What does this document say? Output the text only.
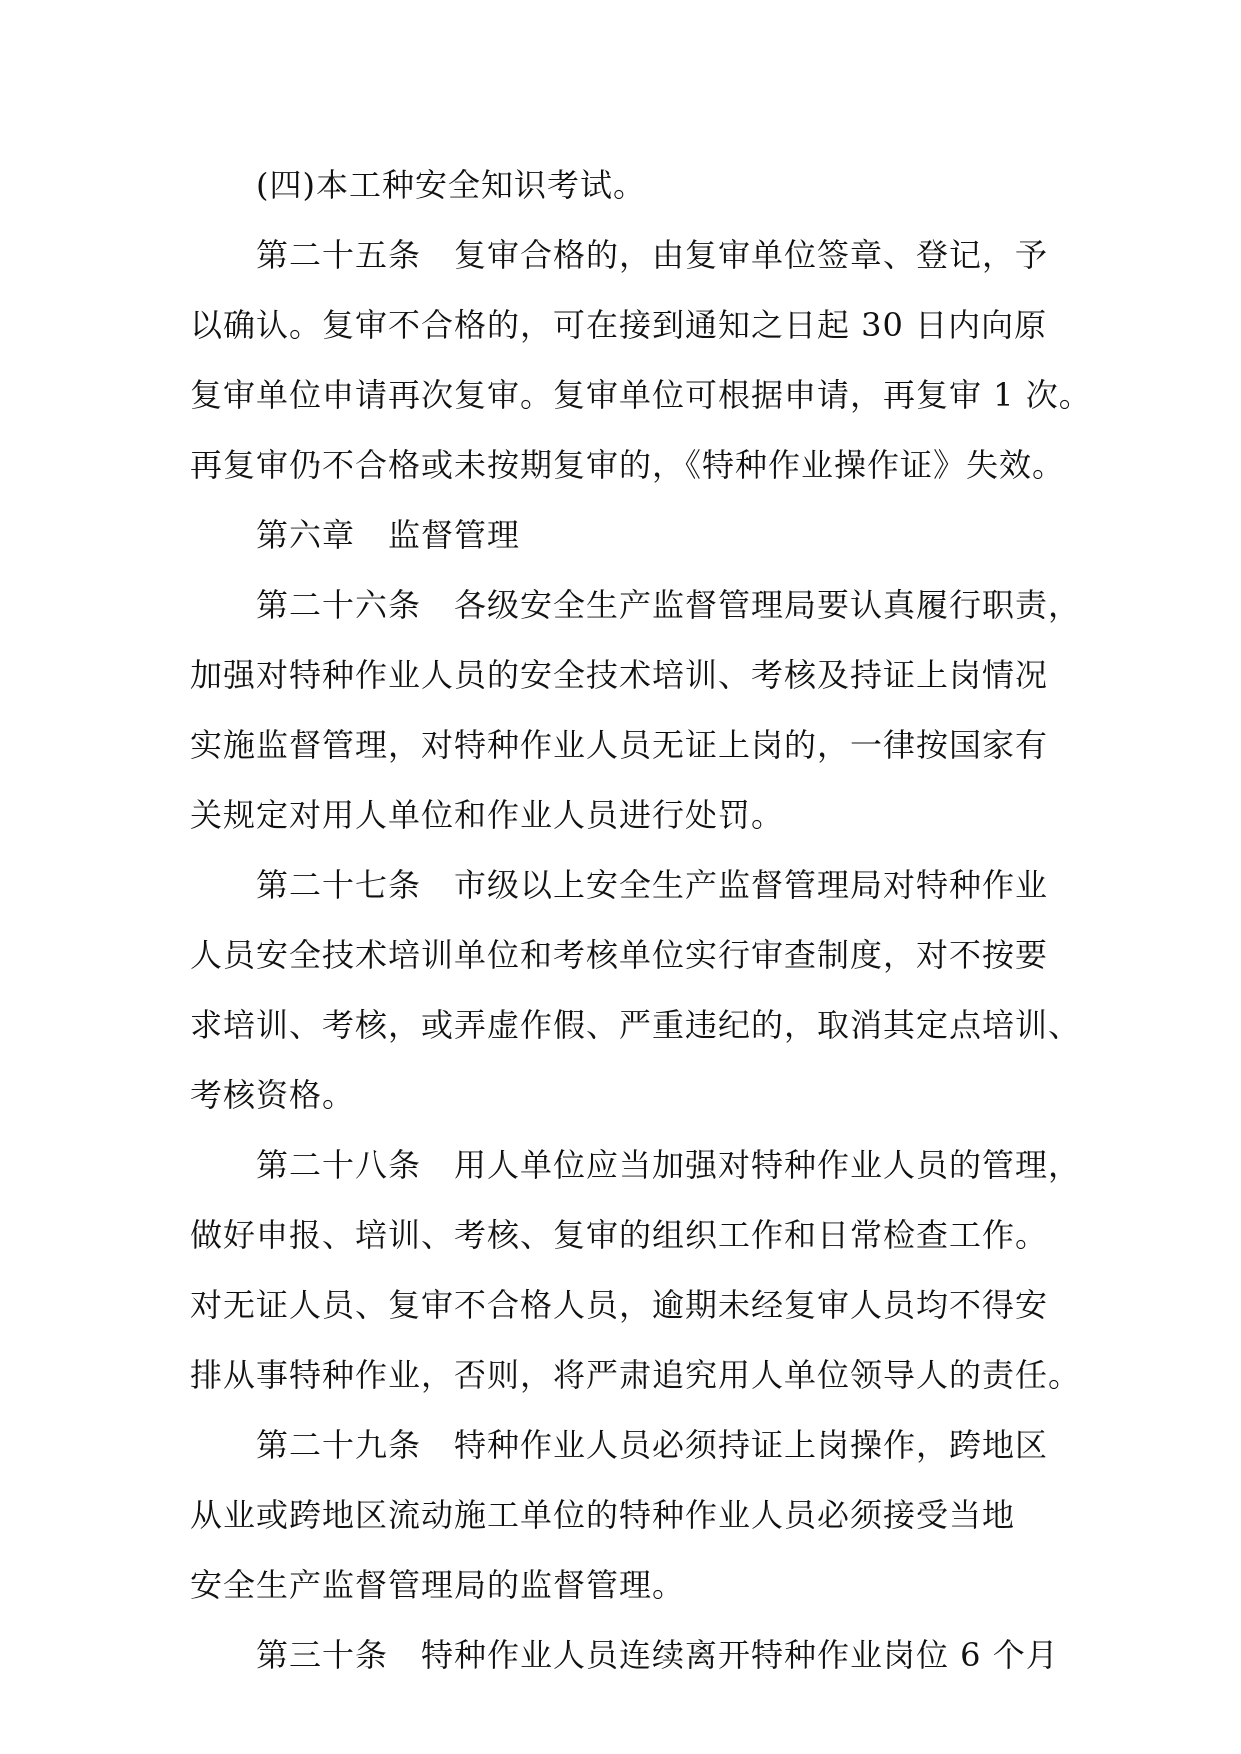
(四)本工种安全知识考试。
第二十五条　复审合格的，由复审单位签章、登记，予
以确认。复审不合格的，可在接到通知之日起 30 日内向原
复审单位申请再次复审。复审单位可根据申请，再复审 1 次。
再复审仍不合格或未按期复审的，《特种作业操作证》失效。
第六章　监督管理
第二十六条　各级安全生产监督管理局要认真履行职责，
加强对特种作业人员的安全技术培训、考核及持证上岗情况
实施监督管理，对特种作业人员无证上岗的，一律按国家有
关规定对用人单位和作业人员进行处罚。
第二十七条　市级以上安全生产监督管理局对特种作业
人员安全技术培训单位和考核单位实行审查制度，对不按要
求培训、考核，或弄虚作假、严重违纪的，取消其定点培训、
考核资格。
第二十八条　用人单位应当加强对特种作业人员的管理，
做好申报、培训、考核、复审的组织工作和日常检查工作。
对无证人员、复审不合格人员，逾期未经复审人员均不得安
排从事特种作业，否则，将严肃追究用人单位领导人的责任。
第二十九条　特种作业人员必须持证上岗操作，跨地区
从业或跨地区流动施工单位的特种作业人员必须接受当地
安全生产监督管理局的监督管理。
第三十条　特种作业人员连续离开特种作业岗位 6 个月
